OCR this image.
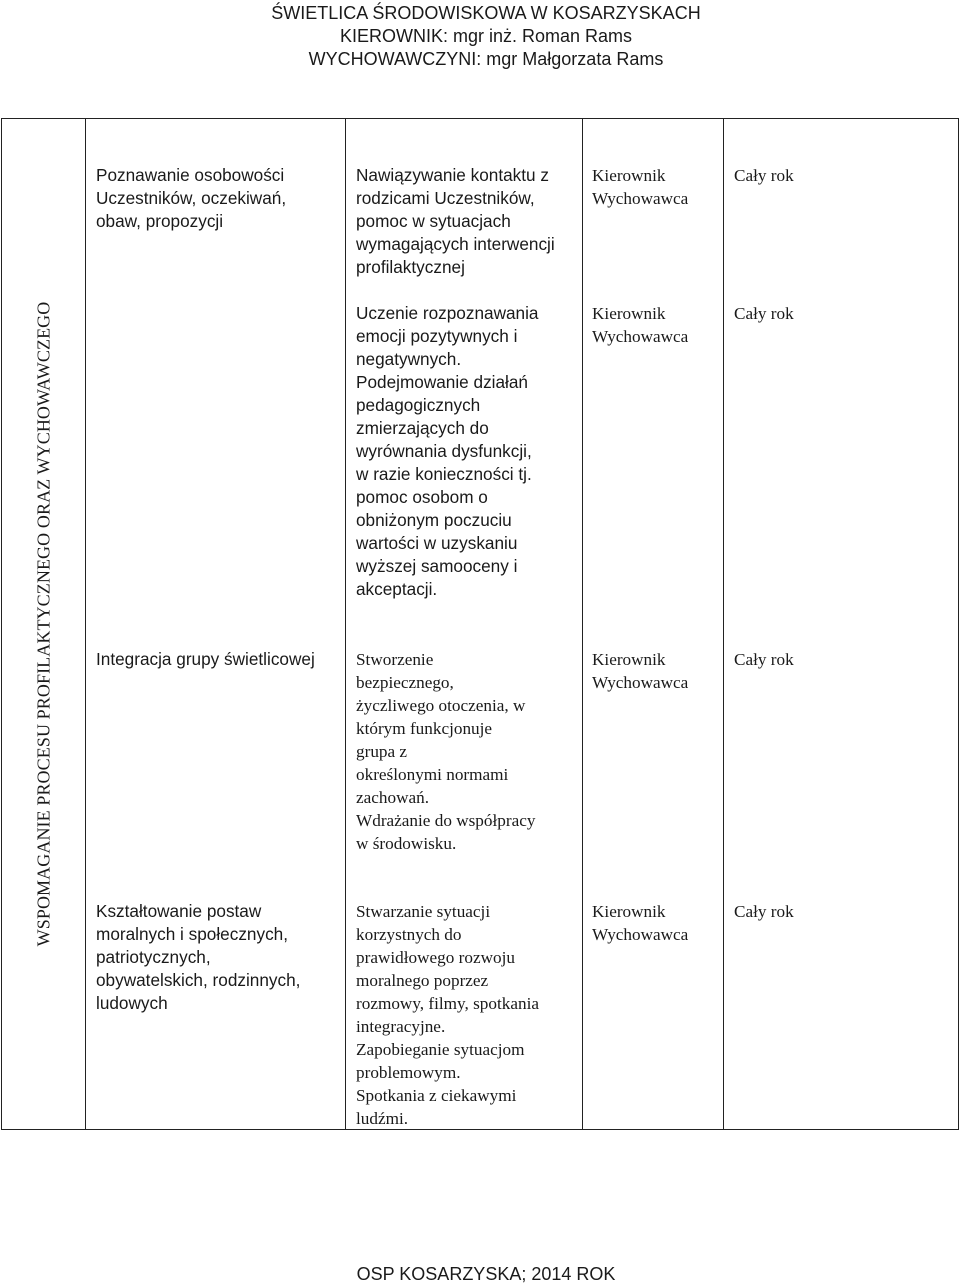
ŚWIETLICA ŚRODOWISKOWA W KOSARZYSKACH
KIEROWNIK: mgr inż. Roman Rams
WYCHOWAWCZYNI: mgr Małgorzata Rams
WSPOMAGANIE PROCESU PROFILAKTYCZNEGO ORAZ WYCHOWAWCZEGO
Poznawanie osobowości
Uczestników, oczekiwań,
obaw, propozycji
Nawiązywanie kontaktu z
rodzicami Uczestników,
pomoc w sytuacjach
wymagających interwencji
profilaktycznej
Kierownik
Wychowawca
Cały rok
Uczenie rozpoznawania
emocji pozytywnych i
negatywnych.
Podejmowanie działań
pedagogicznych
zmierzających do
wyrównania dysfunkcji,
w razie konieczności tj.
pomoc osobom o
obniżonym poczuciu
wartości w uzyskaniu
wyższej samooceny i
akceptacji.
Kierownik
Wychowawca
Cały rok
Integracja grupy świetlicowej	Stworzenie
bezpiecznego,
życzliwego otoczenia, w
którym funkcjonuje
grupa z
określonymi normami
zachowań.
Wdrażanie do współpracy
w środowisku.
Kierownik
Wychowawca
Cały rok
Kształtowanie postaw
moralnych i społecznych,
patriotycznych,
obywatelskich, rodzinnych,
ludowych
Stwarzanie sytuacji
korzystnych do
prawidłowego rozwoju
moralnego poprzez
rozmowy, filmy, spotkania
integracyjne.
Zapobieganie sytuacjom
problemowym.
Spotkania z ciekawymi
ludźmi.
Kierownik
Wychowawca
Cały rok
OSP KOSARZYSKA; 2014 ROK
